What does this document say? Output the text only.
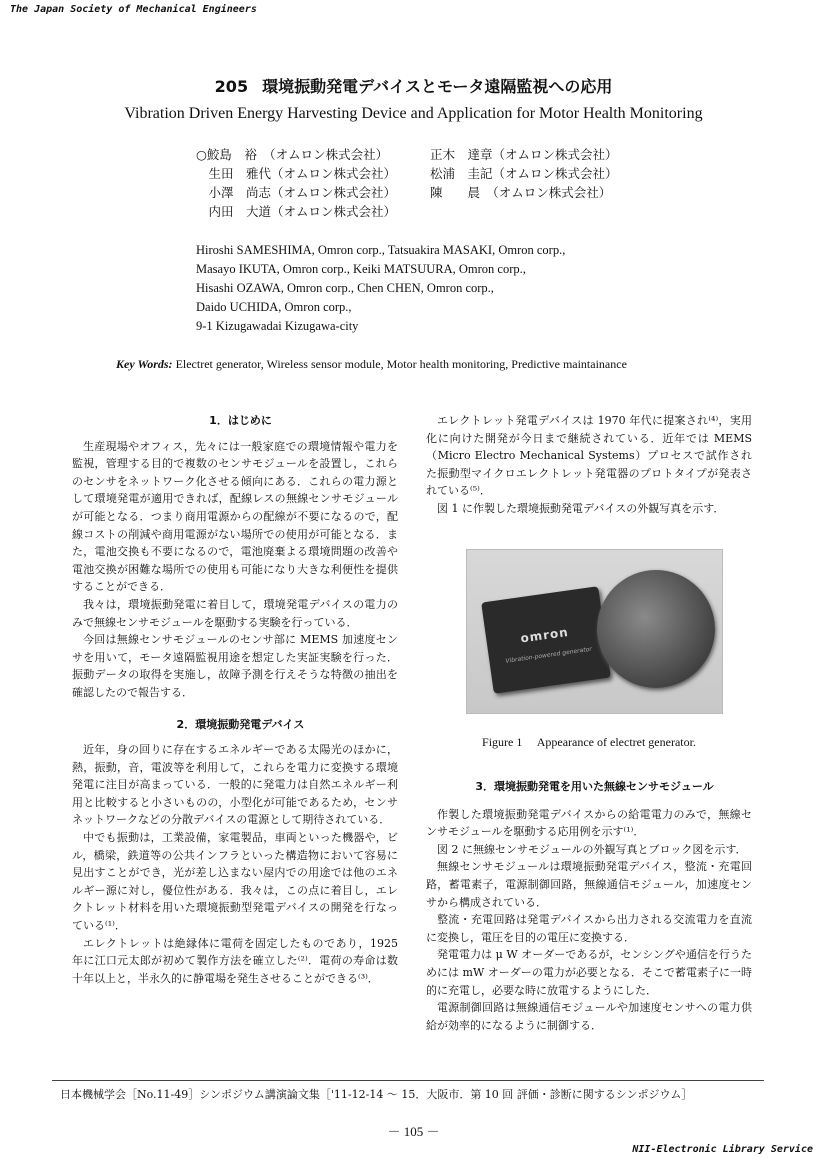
The Japan Society of Mechanical Engineers
205 環境振動発電デバイスとモータ遠隔監視への応用
Vibration Driven Energy Harvesting Device and Application for Motor Health Monitoring
○鮫島　裕　（オムロン株式会社）	正木　達章（オムロン株式会社）
　生田　雅代（オムロン株式会社）	松浦　圭記（オムロン株式会社）
　小澤　尚志（オムロン株式会社）	陳　　晨　（オムロン株式会社）
　内田　大道（オムロン株式会社）
Hiroshi SAMESHIMA, Omron corp., Tatsuakira MASAKI, Omron corp.,
Masayo IKUTA, Omron corp., Keiki MATSUURA, Omron corp.,
Hisashi OZAWA, Omron corp., Chen CHEN, Omron corp.,
Daido UCHIDA, Omron corp.,
9-1 Kizugawadai Kizugawa-city
Key Words: Electret generator, Wireless sensor module, Motor health monitoring, Predictive maintainance

1．はじめに

生産現場やオフィス，先々には一般家庭での環境情報や電力を監視，管理する目的で複数のセンサモジュールを設置し，これらのセンサをネットワーク化させる傾向にある．これらの電力源として環境発電が適用できれば，配線レスの無線センサモジュールが可能となる．つまり商用電源からの配線が不要になるので，配線コストの削減や商用電源がない場所での使用が可能となる．また，電池交換も不要になるので，電池廃棄よる環境問題の改善や電池交換が困難な場所での使用も可能になり大きな利便性を提供することができる．

我々は，環境振動発電に着目して，環境発電デバイスの電力のみで無線センサモジュールを駆動する実験を行っている．

今回は無線センサモジュールのセンサ部に MEMS 加速度センサを用いて，モータ遠隔監視用途を想定した実証実験を行った．振動データの取得を実施し，故障予測を行えそうな特徴の抽出を確認したので報告する．

2．環境振動発電デバイス

近年，身の回りに存在するエネルギーである太陽光のほかに，熱，振動，音，電波等を利用して，これらを電力に変換する環境発電に注目が高まっている．一般的に発電力は自然エネルギー利用と比較すると小さいものの，小型化が可能であるため，センサネットワークなどの分散デバイスの電源として期待されている．

中でも振動は，工業設備，家電製品，車両といった機器や，ビル，橋梁，鉄道等の公共インフラといった構造物において容易に見出すことができ，光が差し込まない屋内での用途では他のエネルギー源に対し，優位性がある．我々は，この点に着目し，エレクトレット材料を用いた環境振動型発電デバイスの開発を行なっている⁽¹⁾．

エレクトレットは絶縁体に電荷を固定したものであり，1925 年に江口元太郎が初めて製作方法を確立した⁽²⁾．電荷の寿命は数十年以上と，半永久的に静電場を発生させることができる⁽³⁾．

エレクトレット発電デバイスは 1970 年代に提案され⁽⁴⁾，実用化に向けた開発が今日まで継続されている．近年では MEMS（Micro Electro Mechanical Systems）プロセスで試作された振動型マイクロエレクトレット発電器のプロトタイプが発表されている⁽⁵⁾．

図 1 に作製した環境振動発電デバイスの外観写真を示す．

omron
Vibration-powered generator
Figure 1　 Appearance of electret generator.

3．環境振動発電を用いた無線センサモジュール

作製した環境振動発電デバイスからの給電電力のみで，無線センサモジュールを駆動する応用例を示す⁽¹⁾．

図 2 に無線センサモジュールの外観写真とブロック図を示す．

無線センサモジュールは環境振動発電デバイス，整流・充電回路，蓄電素子，電源制御回路，無線通信モジュール，加速度センサから構成されている．

整流・充電回路は発電デバイスから出力される交流電力を直流に変換し，電圧を目的の電圧に変換する．

発電電力は μ W オーダーであるが，センシングや通信を行うためには mW オーダーの電力が必要となる．そこで蓄電素子に一時的に充電し，必要な時に放電するようにした．

電源制御回路は無線通信モジュールや加速度センサへの電力供給が効率的になるように制御する．

日本機械学会［No.11-49］シンポジウム講演論文集［'11-12-14 ～ 15．大阪市．第 10 回 評価・診断に関するシンポジウム］
－ 105 －
NII-Electronic Library Service
